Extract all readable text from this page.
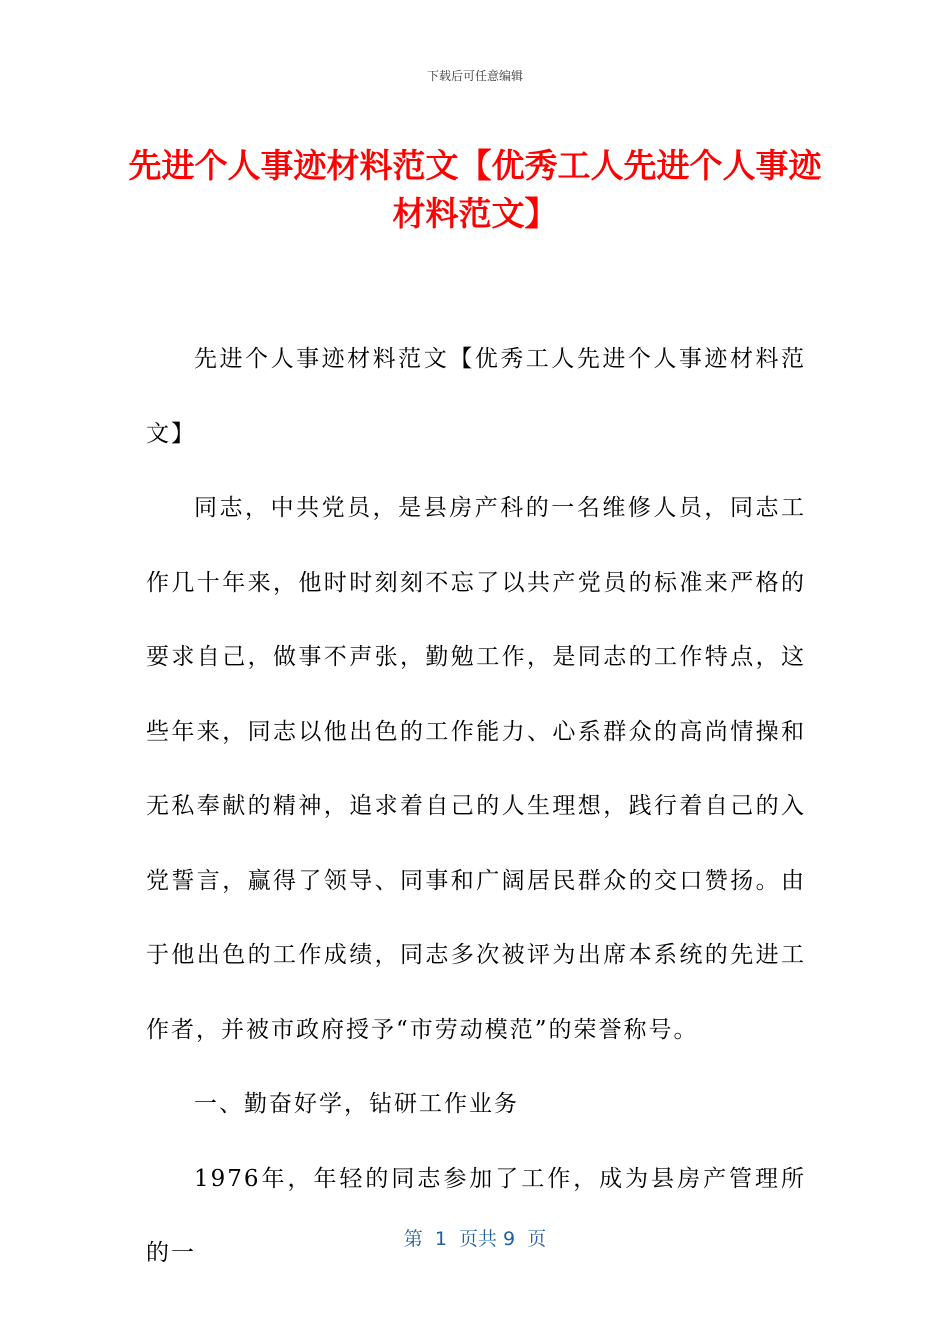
下载后可任意编辑
先进个人事迹材料范文【优秀工人先进个人事迹材料范文】

先进个人事迹材料范文【优秀工人先进个人事迹材料范文】

同志，中共党员，是县房产科的一名维修人员，同志工作几十年来，他时时刻刻不忘了以共产党员的标准来严格的要求自己，做事不声张，勤勉工作，是同志的工作特点，这些年来，同志以他出色的工作能力、心系群众的高尚情操和无私奉献的精神，追求着自己的人生理想，践行着自己的入党誓言，赢得了领导、同事和广阔居民群众的交口赞扬。由于他出色的工作成绩，同志多次被评为出席本系统的先进工作者，并被市政府授予“市劳动模范”的荣誉称号。

一、勤奋好学，钻研工作业务

1976年，年轻的同志参加了工作，成为县房产管理所的一

第  1  页共 9  页
